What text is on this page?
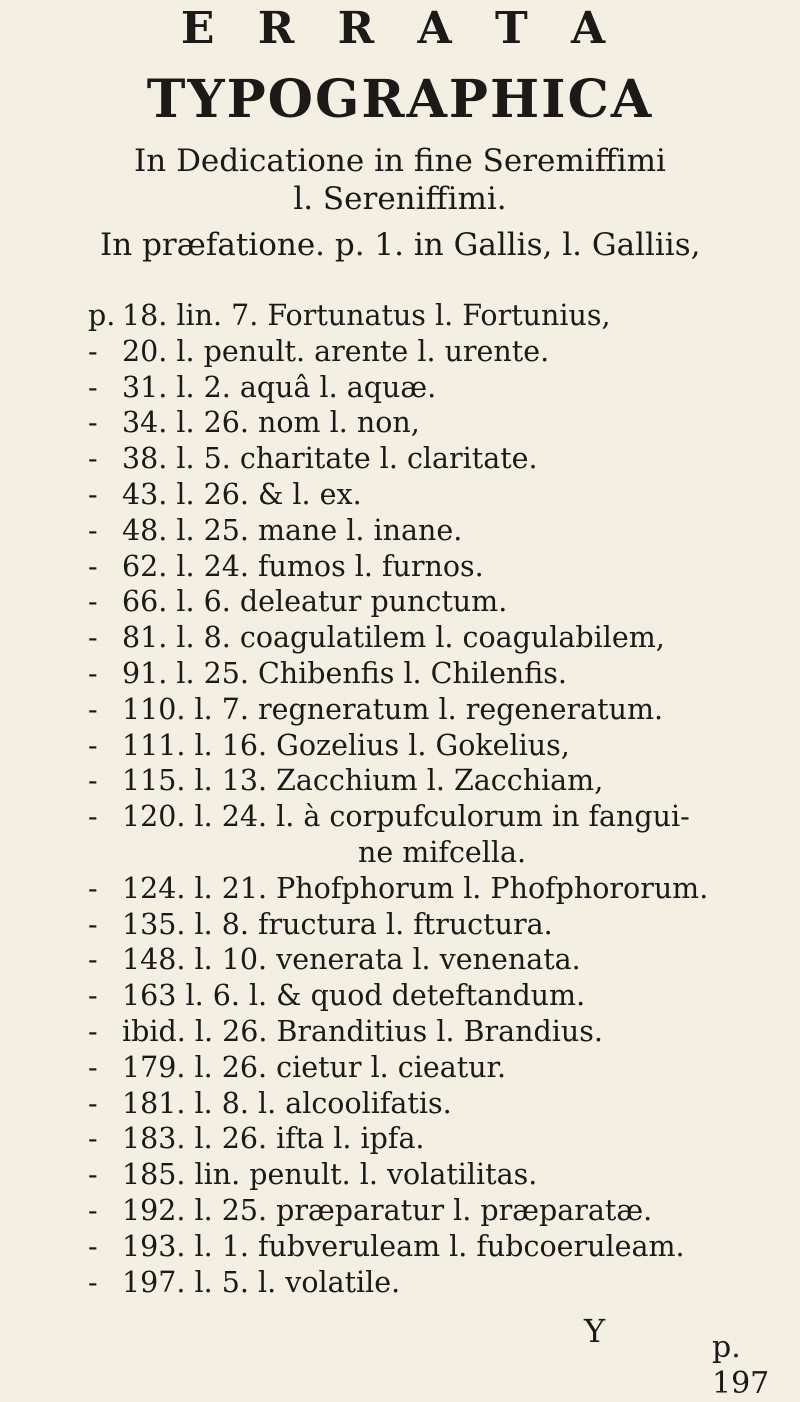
E R R A T A
TYPOGRAPHICA
In Dedicatione in fine Seremiffimi
l. Sereniffimi.
In præfatione. p. 1. in Gallis, l. Galliis,
p. 18. lin. 7. Fortunatus l. Fortunius,
- 20. l. penult. arente l. urente.
- 31. l. 2. aquâ l. aquæ.
- 34. l. 26. nom l. non,
- 38. l. 5. charitate l. claritate.
- 43. l. 26. & l. ex.
- 48. l. 25. mane l. inane.
- 62. l. 24. fumos l. furnos.
- 66. l. 6. deleatur punctum.
- 81. l. 8. coagulatilem l. coagulabilem,
- 91. l. 25. Chibenfis l. Chilenfis.
- 110. l. 7. regneratum l. regeneratum.
- 111. l. 16. Gozelius l. Gokelius,
- 115. l. 13. Zacchium l. Zacchiam,
- 120. l. 24. l. à corpufculorum in fangui-
ne mifcella.
- 124. l. 21. Phofphorum l. Phofphororum.
- 135. l. 8. fructura l. ftructura.
- 148. l. 10. venerata l. venenata.
- 163 l. 6. l. & quod deteftandum.
- ibid. l. 26. Branditius l. Brandius.
- 179. l. 26. cietur l. cieatur.
- 181. l. 8. l. alcoolifatis.
- 183. l. 26. ifta l. ipfa.
- 185. lin. penult. l. volatilitas.
- 192. l. 25. præparatur l. præparatæ.
- 193. l. 1. fubveruleam l. fubcoeruleam.
- 197. l. 5. l. volatile.
Y	p. 197
